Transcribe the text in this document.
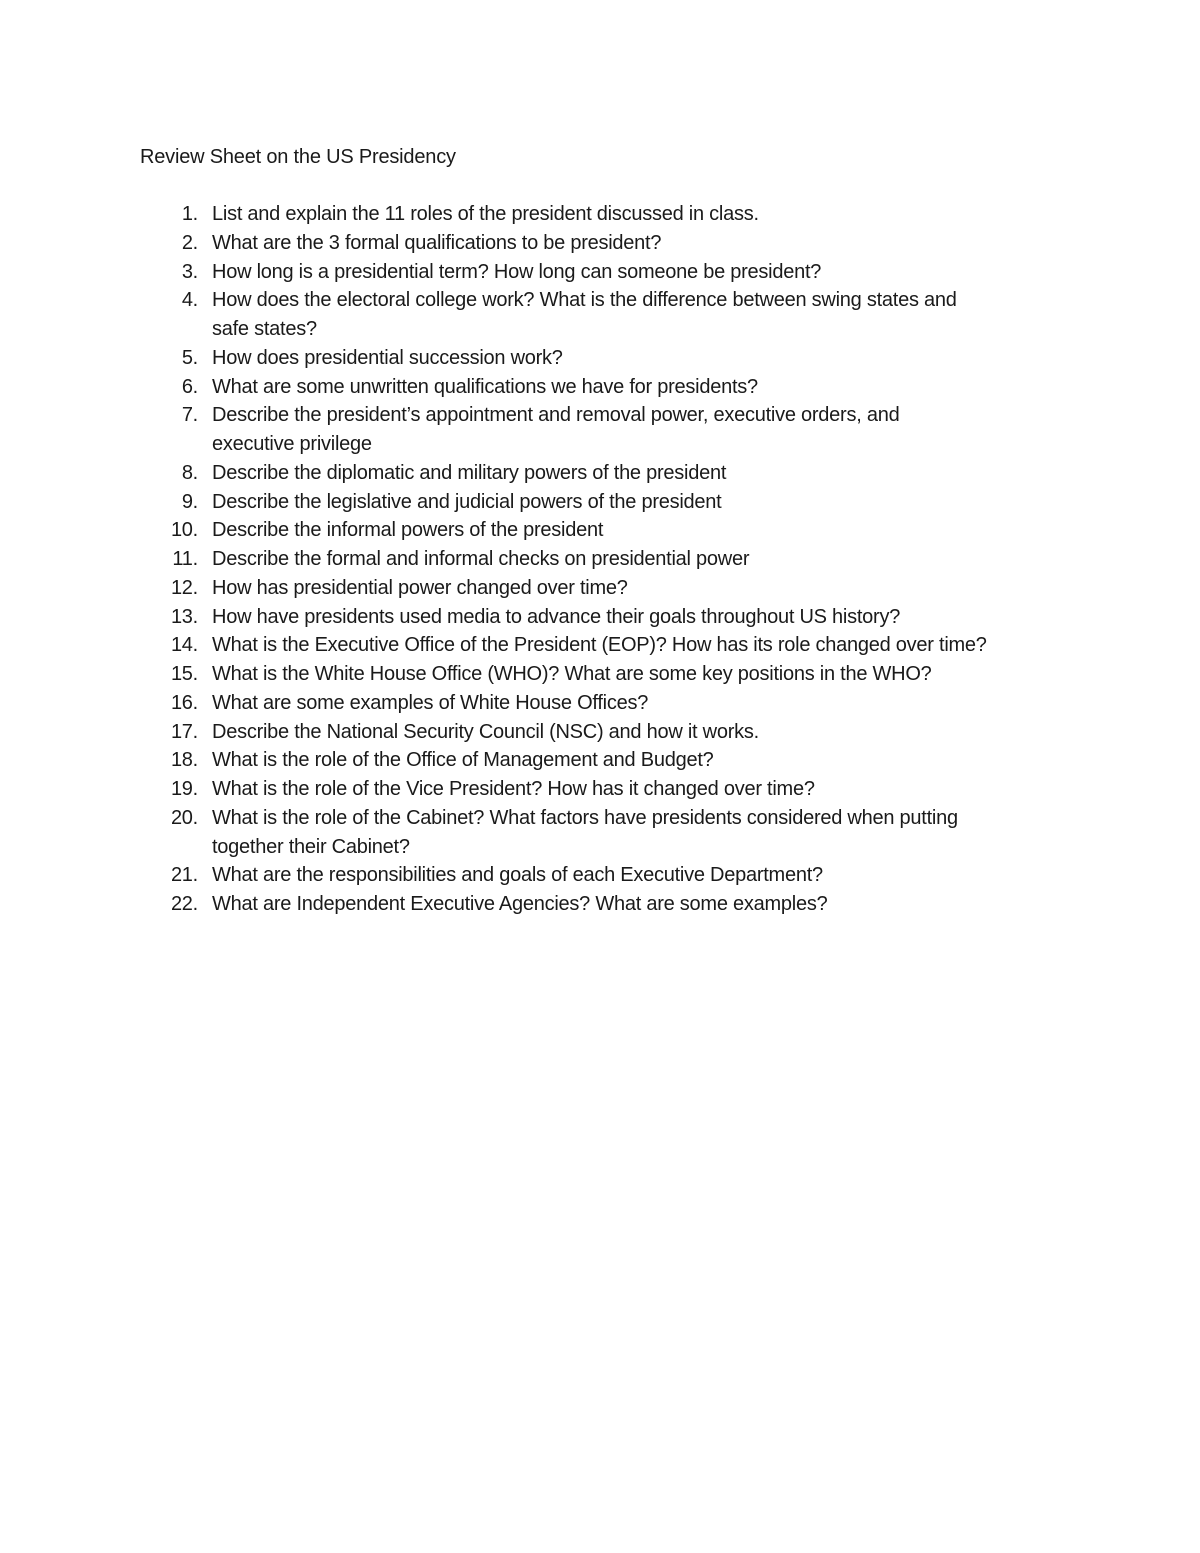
Review Sheet on the US Presidency
1. List and explain the 11 roles of the president discussed in class.
2. What are the 3 formal qualifications to be president?
3. How long is a presidential term? How long can someone be president?
4. How does the electoral college work? What is the difference between swing states and
safe states?
5. How does presidential succession work?
6. What are some unwritten qualifications we have for presidents?
7. Describe the president’s appointment and removal power, executive orders, and
executive privilege
8. Describe the diplomatic and military powers of the president
9. Describe the legislative and judicial powers of the president
10. Describe the informal powers of the president
11. Describe the formal and informal checks on presidential power
12. How has presidential power changed over time?
13. How have presidents used media to advance their goals throughout US history?
14. What is the Executive Office of the President (EOP)? How has its role changed over time?
15. What is the White House Office (WHO)? What are some key positions in the WHO?
16. What are some examples of White House Offices?
17. Describe the National Security Council (NSC) and how it works.
18. What is the role of the Office of Management and Budget?
19. What is the role of the Vice President? How has it changed over time?
20. What is the role of the Cabinet? What factors have presidents considered when putting
together their Cabinet?
21. What are the responsibilities and goals of each Executive Department?
22. What are Independent Executive Agencies? What are some examples?
